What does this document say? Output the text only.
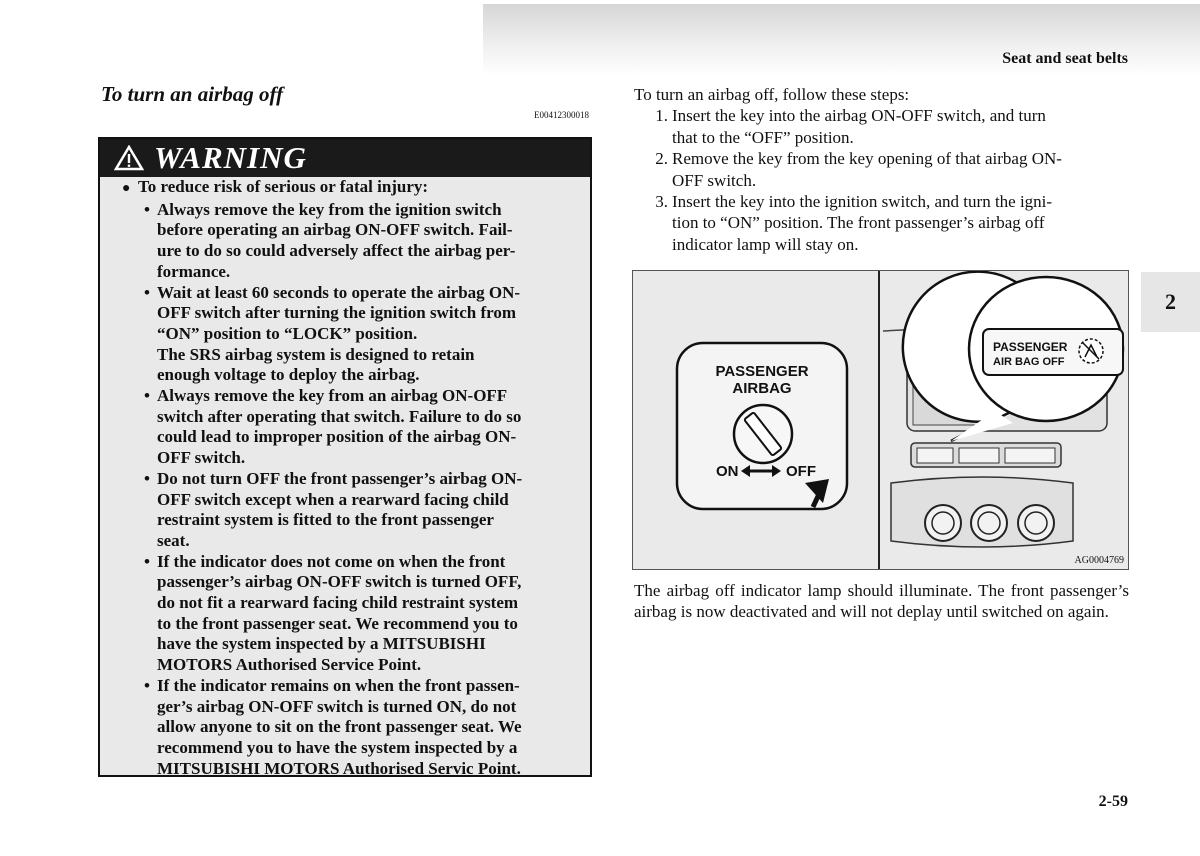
Seat and seat belts
2
2-59
To turn an airbag off
E00412300018
WARNING
● To reduce risk of serious or fatal injury:
• Always remove the key from the ignition switch
before operating an airbag ON-OFF switch. Fail-
ure to do so could adversely affect the airbag per-
formance.
• Wait at least 60 seconds to operate the airbag ON-
OFF switch after turning the ignition switch from
“ON” position to “LOCK” position.
The SRS airbag system is designed to retain
enough voltage to deploy the airbag.
• Always remove the key from an airbag ON-OFF
switch after operating that switch. Failure to do so
could lead to improper position of the airbag ON-
OFF switch.
• Do not turn OFF the front passenger’s airbag ON-
OFF switch except when a rearward facing child
restraint system is fitted to the front passenger
seat.
• If the indicator does not come on when the front
passenger’s airbag ON-OFF switch is turned OFF,
do not fit a rearward facing child restraint system
to the front passenger seat. We recommend you to
have the system inspected by a MITSUBISHI
MOTORS Authorised Service Point.
• If the indicator remains on when the front passen-
ger’s airbag ON-OFF switch is turned ON, do not
allow anyone to sit on the front passenger seat. We
recommend you to have the system inspected by a
MITSUBISHI MOTORS Authorised Servic Point.
To turn an airbag off, follow these steps:
1. Insert the key into the airbag ON-OFF switch, and turn
that to the “OFF” position.
2. Remove the key from the key opening of that airbag ON-
OFF switch.
3. Insert the key into the ignition switch, and turn the igni-
tion to “ON” position. The front passenger’s airbag off
indicator lamp will stay on.
PASSENGER
AIR BAG OFF
PASSENGER
AIRBAG
ON	OFF
AG0004769
The airbag off indicator lamp should illuminate. The front passenger’s airbag is now deactivated and will not deplay until switched on again.
